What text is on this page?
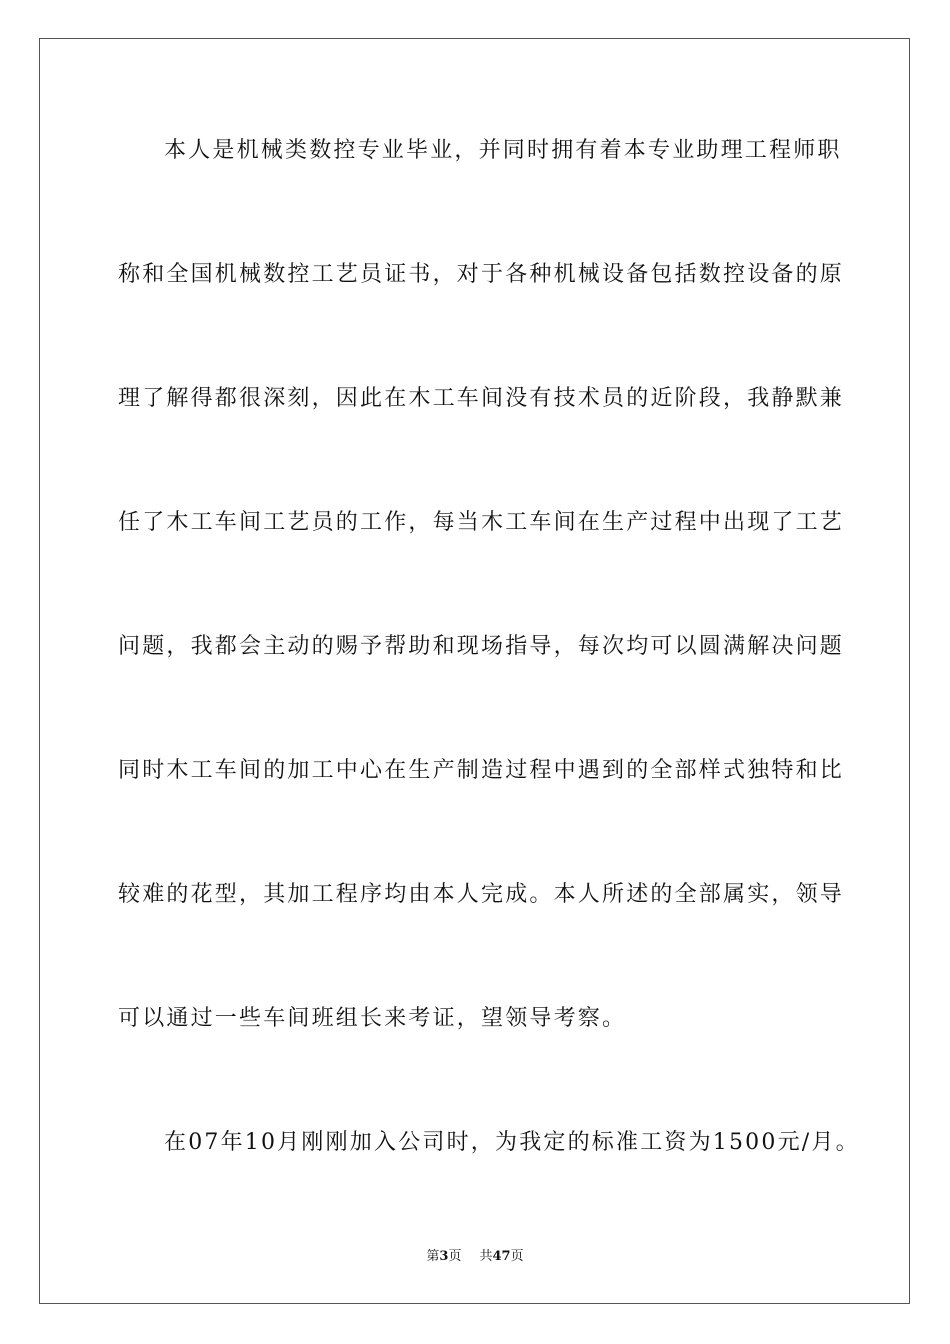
本人是机械类数控专业毕业，并同时拥有着本专业助理工程师职
称和全国机械数控工艺员证书，对于各种机械设备包括数控设备的原
理了解得都很深刻，因此在木工车间没有技术员的近阶段，我静默兼
任了木工车间工艺员的工作，每当木工车间在生产过程中出现了工艺
问题，我都会主动的赐予帮助和现场指导，每次均可以圆满解决问题
同时木工车间的加工中心在生产制造过程中遇到的全部样式独特和比
较难的花型，其加工程序均由本人完成。本人所述的全部属实，领导
可以通过一些车间班组长来考证，望领导考察。
在07年10月刚刚加入公司时，为我定的标准工资为1500元/月。
第3页 共47页
